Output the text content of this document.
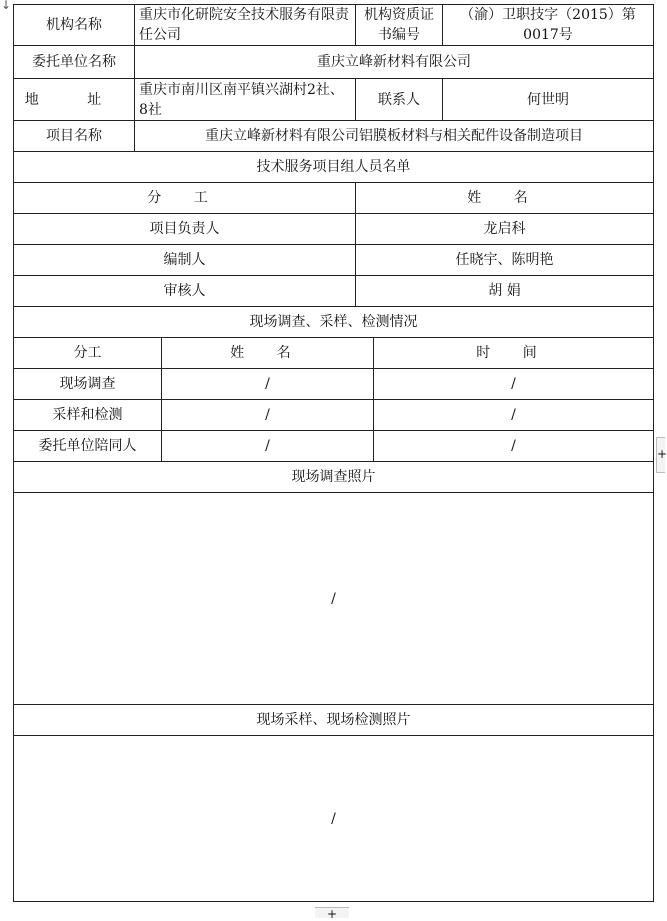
↓
机构名称	重庆市化研院安全技术服务有限责任公司		机构资质证书编号		（渝）卫职技字（2015）第0017号
委托单位名称	重庆立峰新材料有限公司				
地 址	重庆市南川区南平镇兴湖村2社、8社		联系人		何世明
项目名称	重庆立峰新材料有限公司铝膜板材料与相关配件设备制造项目				
技术服务项目组人员名单					
分 工			姓 名		
项目负责人			龙启科		
编制人			任晓宇、陈明艳		
审核人			胡 娟		
现场调查、采样、检测情况					
分工		姓 名		时 间	
现场调查		/		/	
采样和检测		/		/	
委托单位陪同人		/		/	
现场调查照片					
/					
现场采样、现场检测照片					
/					
+
+
